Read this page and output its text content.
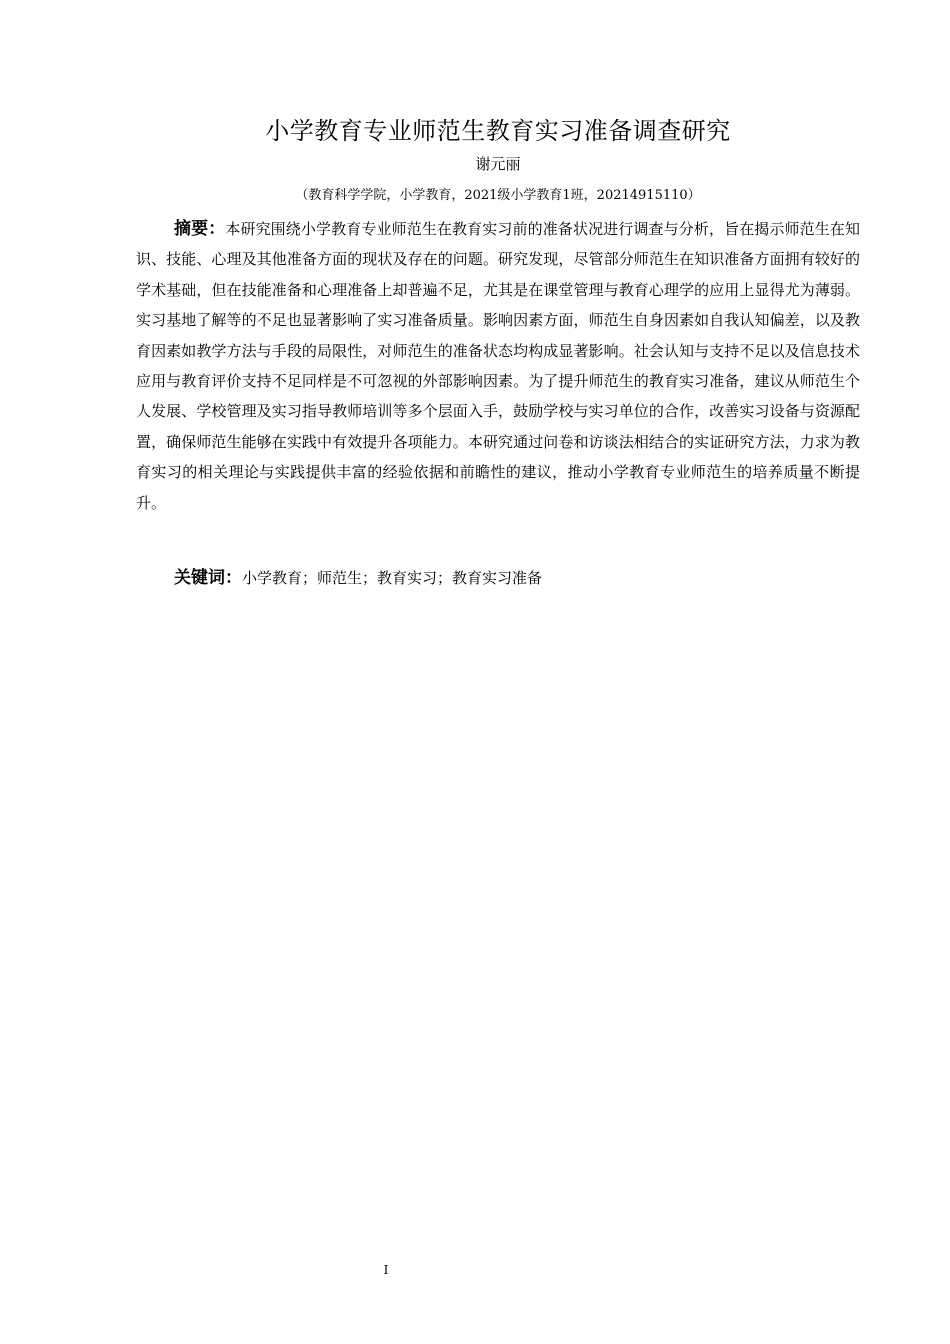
小学教育专业师范生教育实习准备调查研究
谢元丽
（教育科学学院，小学教育，2021级小学教育1班，20214915110）

摘要：本研究围绕小学教育专业师范生在教育实习前的准备状况进行调查与分析，旨在揭示师范生在知识、技能、心理及其他准备方面的现状及存在的问题。研究发现，尽管部分师范生在知识准备方面拥有较好的学术基础，但在技能准备和心理准备上却普遍不足，尤其是在课堂管理与教育心理学的应用上显得尤为薄弱。实习基地了解等的不足也显著影响了实习准备质量。影响因素方面，师范生自身因素如自我认知偏差，以及教育因素如教学方法与手段的局限性，对师范生的准备状态均构成显著影响。社会认知与支持不足以及信息技术应用与教育评价支持不足同样是不可忽视的外部影响因素。为了提升师范生的教育实习准备，建议从师范生个人发展、学校管理及实习指导教师培训等多个层面入手，鼓励学校与实习单位的合作，改善实习设备与资源配置，确保师范生能够在实践中有效提升各项能力。本研究通过问卷和访谈法相结合的实证研究方法，力求为教育实习的相关理论与实践提供丰富的经验依据和前瞻性的建议，推动小学教育专业师范生的培养质量不断提升。

关键词：小学教育；师范生；教育实习；教育实习准备

I
